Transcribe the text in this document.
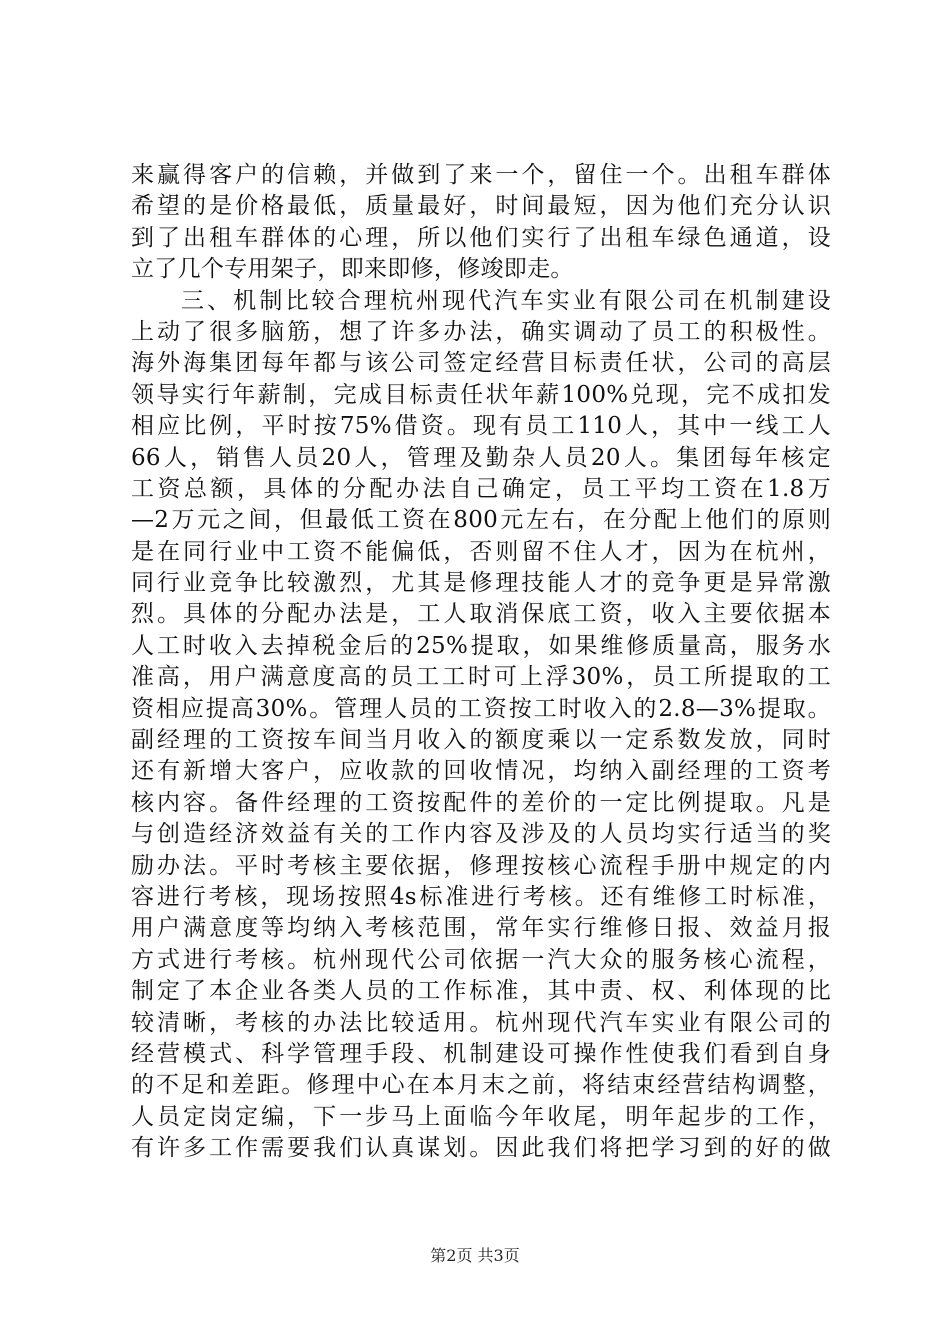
来赢得客户的信赖，并做到了来一个，留住一个。出租车群体
希望的是价格最低，质量最好，时间最短，因为他们充分认识
到了出租车群体的心理，所以他们实行了出租车绿色通道，设
立了几个专用架子，即来即修，修竣即走。
三、机制比较合理杭州现代汽车实业有限公司在机制建设
上动了很多脑筋，想了许多办法，确实调动了员工的积极性。
海外海集团每年都与该公司签定经营目标责任状，公司的高层
领导实行年薪制，完成目标责任状年薪100%兑现，完不成扣发
相应比例，平时按75%借资。现有员工110人，其中一线工人
66人，销售人员20人，管理及勤杂人员20人。集团每年核定
工资总额，具体的分配办法自己确定，员工平均工资在1.8万
—2万元之间，但最低工资在800元左右，在分配上他们的原则
是在同行业中工资不能偏低，否则留不住人才，因为在杭州，
同行业竞争比较激烈，尤其是修理技能人才的竞争更是异常激
烈。具体的分配办法是，工人取消保底工资，收入主要依据本
人工时收入去掉税金后的25%提取，如果维修质量高，服务水
准高，用户满意度高的员工工时可上浮30%，员工所提取的工
资相应提高30%。管理人员的工资按工时收入的2.8—3%提取。
副经理的工资按车间当月收入的额度乘以一定系数发放，同时
还有新增大客户，应收款的回收情况，均纳入副经理的工资考
核内容。备件经理的工资按配件的差价的一定比例提取。凡是
与创造经济效益有关的工作内容及涉及的人员均实行适当的奖
励办法。平时考核主要依据，修理按核心流程手册中规定的内
容进行考核，现场按照4s标准进行考核。还有维修工时标准，
用户满意度等均纳入考核范围，常年实行维修日报、效益月报
方式进行考核。杭州现代公司依据一汽大众的服务核心流程，
制定了本企业各类人员的工作标准，其中责、权、利体现的比
较清晰，考核的办法比较适用。杭州现代汽车实业有限公司的
经营模式、科学管理手段、机制建设可操作性使我们看到自身
的不足和差距。修理中心在本月末之前，将结束经营结构调整，
人员定岗定编，下一步马上面临今年收尾，明年起步的工作，
有许多工作需要我们认真谋划。因此我们将把学习到的好的做
第2页 共3页
